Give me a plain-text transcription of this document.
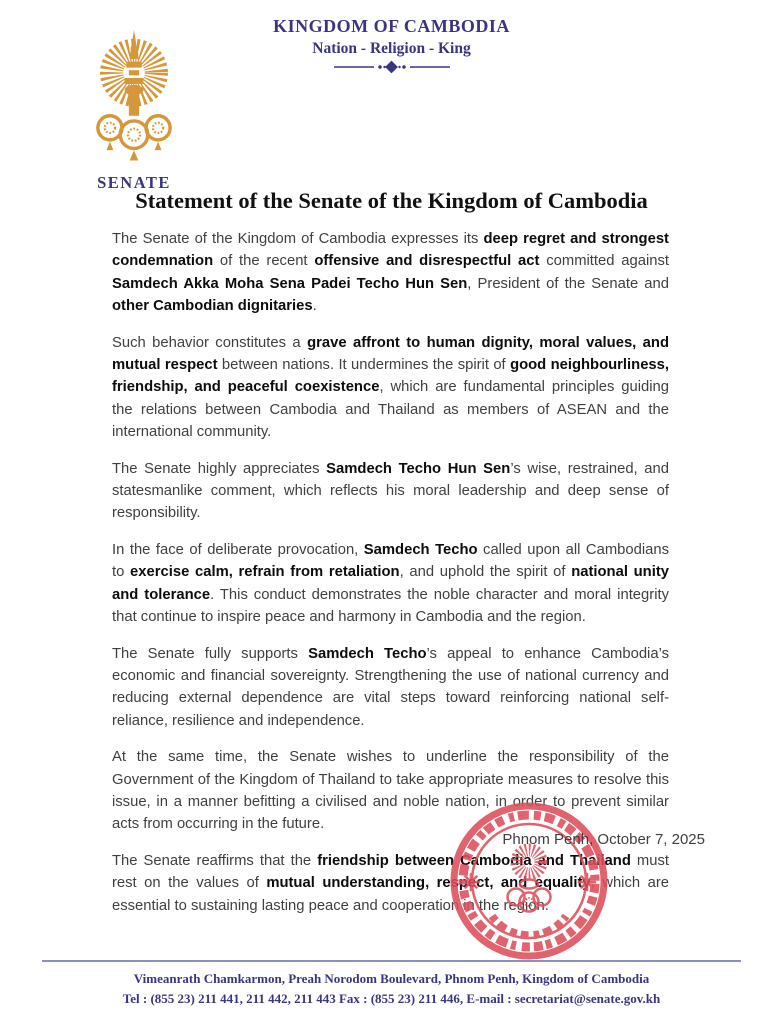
SENATE
KINGDOM OF CAMBODIA
Nation - Religion - King
Statement of the Senate of the Kingdom of Cambodia

The Senate of the Kingdom of Cambodia expresses its deep regret and strongest condemnation of the recent offensive and disrespectful act committed against Samdech Akka Moha Sena Padei Techo Hun Sen, President of the Senate and other Cambodian dignitaries.

Such behavior constitutes a grave affront to human dignity, moral values, and mutual respect between nations. It undermines the spirit of good neighbourliness, friendship, and peaceful coexistence, which are fundamental principles guiding the relations between Cambodia and Thailand as members of ASEAN and the international community.

The Senate highly appreciates Samdech Techo Hun Sen’s wise, restrained, and statesmanlike comment, which reflects his moral leadership and deep sense of responsibility.

In the face of deliberate provocation, Samdech Techo called upon all Cambodians to exercise calm, refrain from retaliation, and uphold the spirit of national unity and tolerance. This conduct demonstrates the noble character and moral integrity that continue to inspire peace and harmony in Cambodia and the region.

The Senate fully supports Samdech Techo’s appeal to enhance Cambodia’s economic and financial sovereignty. Strengthening the use of national currency and reducing external dependence are vital steps toward reinforcing national self-reliance, resilience and independence.

At the same time, the Senate wishes to underline the responsibility of the Government of the Kingdom of Thailand to take appropriate measures to resolve this issue, in a manner befitting a civilised and noble nation, in order to prevent similar acts from occurring in the future.

The Senate reaffirms that the friendship between Cambodia and Thailand must rest on the values of mutual understanding, respect, and equality, which are essential to sustaining lasting peace and cooperation in the region.

Phnom Penh, October 7, 2025
Vimeanrath Chamkarmon, Preah Norodom Boulevard, Phnom Penh, Kingdom of Cambodia
Tel : (855 23) 211 441, 211 442, 211 443 Fax : (855 23) 211 446, E-mail : secretariat@senate.gov.kh
